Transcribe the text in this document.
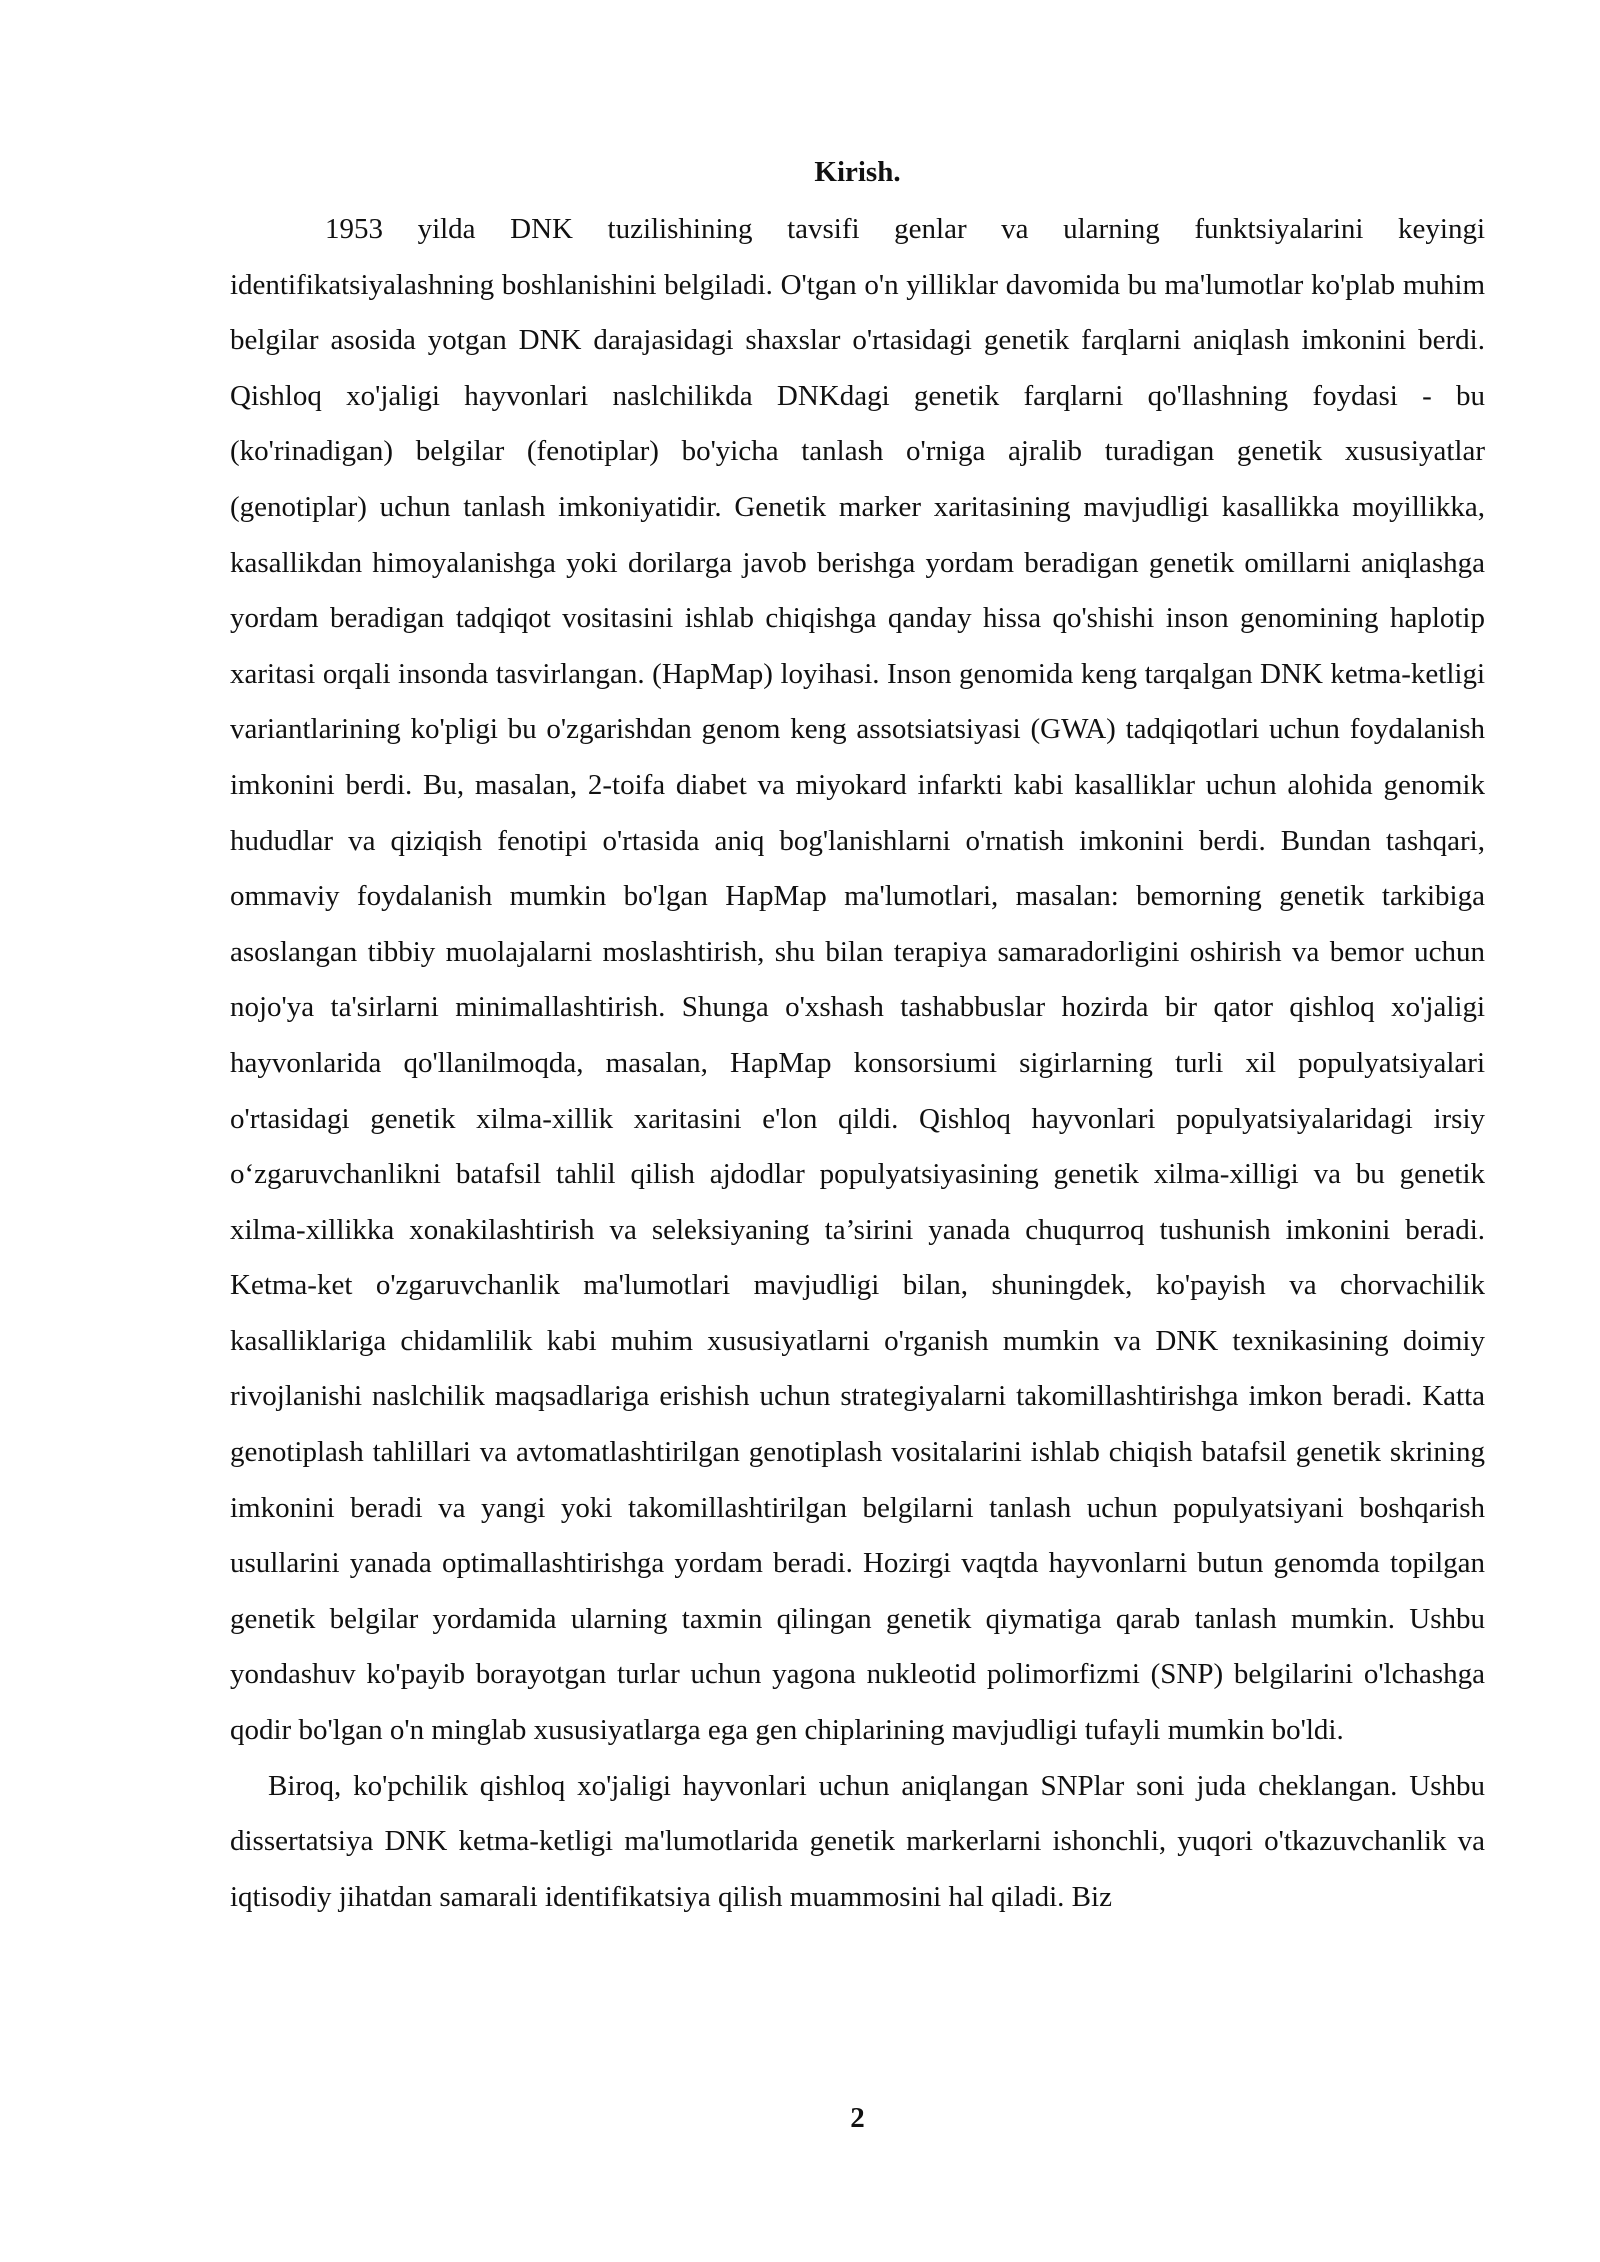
Kirish.

1953 yilda DNK tuzilishining tavsifi genlar va ularning funktsiyalarini keyingi identifikatsiyalashning boshlanishini belgiladi. O'tgan o'n yilliklar davomida bu ma'lumotlar ko'plab muhim belgilar asosida yotgan DNK darajasidagi shaxslar o'rtasidagi genetik farqlarni aniqlash imkonini berdi. Qishloq xo'jaligi hayvonlari naslchilikda DNKdagi genetik farqlarni qo'llashning foydasi - bu (ko'rinadigan) belgilar (fenotiplar) bo'yicha tanlash o'rniga ajralib turadigan genetik xususiyatlar (genotiplar) uchun tanlash imkoniyatidir. Genetik marker xaritasining mavjudligi kasallikka moyillikka, kasallikdan himoyalanishga yoki dorilarga javob berishga yordam beradigan genetik omillarni aniqlashga yordam beradigan tadqiqot vositasini ishlab chiqishga qanday hissa qo'shishi inson genomining haplotip xaritasi orqali insonda tasvirlangan. (HapMap) loyihasi. Inson genomida keng tarqalgan DNK ketma-ketligi variantlarining ko'pligi bu o'zgarishdan genom keng assotsiatsiyasi (GWA) tadqiqotlari uchun foydalanish imkonini berdi. Bu, masalan, 2-toifa diabet va miyokard infarkti kabi kasalliklar uchun alohida genomik hududlar va qiziqish fenotipi o'rtasida aniq bog'lanishlarni o'rnatish imkonini berdi. Bundan tashqari, ommaviy foydalanish mumkin bo'lgan HapMap ma'lumotlari, masalan: bemorning genetik tarkibiga asoslangan tibbiy muolajalarni moslashtirish, shu bilan terapiya samaradorligini oshirish va bemor uchun nojo'ya ta'sirlarni minimallashtirish. Shunga o'xshash tashabbuslar hozirda bir qator qishloq xo'jaligi hayvonlarida qo'llanilmoqda, masalan, HapMap konsorsiumi sigirlarning turli xil populyatsiyalari o'rtasidagi genetik xilma-xillik xaritasini e'lon qildi. Qishloq hayvonlari populyatsiyalaridagi irsiy o‘zgaruvchanlikni batafsil tahlil qilish ajdodlar populyatsiyasining genetik xilma-xilligi va bu genetik xilma-xillikka xonakilashtirish va seleksiyaning ta’sirini yanada chuqurroq tushunish imkonini beradi. Ketma-ket o'zgaruvchanlik ma'lumotlari mavjudligi bilan, shuningdek, ko'payish va chorvachilik kasalliklariga chidamlilik kabi muhim xususiyatlarni o'rganish mumkin va DNK texnikasining doimiy rivojlanishi naslchilik maqsadlariga erishish uchun strategiyalarni takomillashtirishga imkon beradi. Katta genotiplash tahlillari va avtomatlashtirilgan genotiplash vositalarini ishlab chiqish batafsil genetik skrining imkonini beradi va yangi yoki takomillashtirilgan belgilarni tanlash uchun populyatsiyani boshqarish usullarini yanada optimallashtirishga yordam beradi. Hozirgi vaqtda hayvonlarni butun genomda topilgan genetik belgilar yordamida ularning taxmin qilingan genetik qiymatiga qarab tanlash mumkin. Ushbu yondashuv ko'payib borayotgan turlar uchun yagona nukleotid polimorfizmi (SNP) belgilarini o'lchashga qodir bo'lgan o'n minglab xususiyatlarga ega gen chiplarining mavjudligi tufayli mumkin bo'ldi.

Biroq, ko'pchilik qishloq xo'jaligi hayvonlari uchun aniqlangan SNPlar soni juda cheklangan. Ushbu dissertatsiya DNK ketma-ketligi ma'lumotlarida genetik markerlarni ishonchli, yuqori o'tkazuvchanlik va iqtisodiy jihatdan samarali identifikatsiya qilish muammosini hal qiladi. Biz

2
